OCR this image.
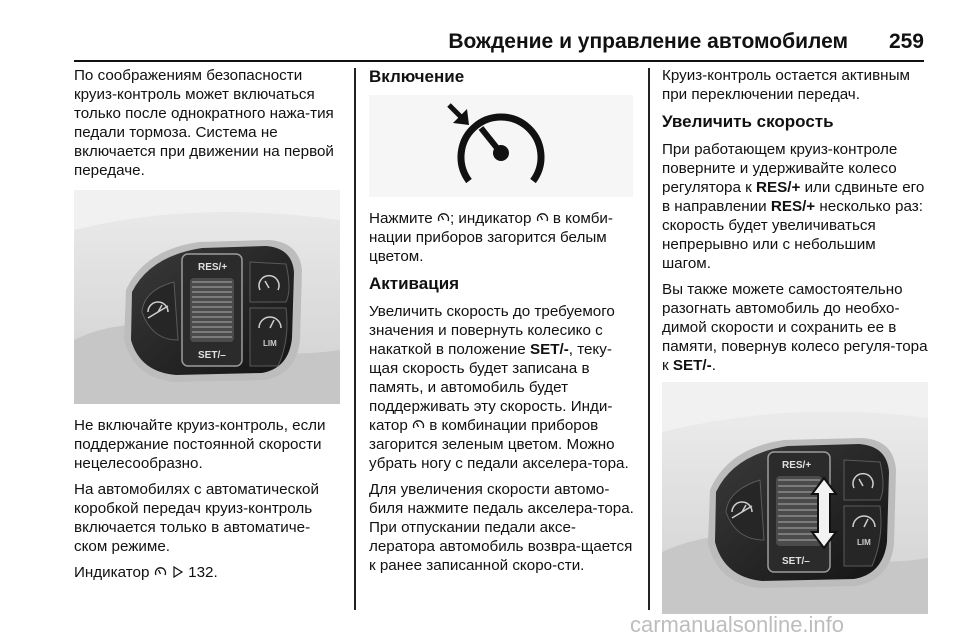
Вождение и управление автомобилем 259

По соображениям безопасности круиз-контроль может включаться только после однократного нажа-тия педали тормоза. Система не включается при движении на первой передаче.

RES/+
SET/–
LIM

Не включайте круиз-контроль, если поддержание постоянной скорости нецелесообразно.

На автомобилях с автоматической коробкой передач круиз-контроль включается только в автоматиче-ском режиме.

Индикатор	132.

Включение

Нажмите ; индикатор в комби-нации приборов загорится белым цветом.

Активация

Увеличить скорость до требуемого значения и повернуть колесико с накаткой в положение SET/-, теку-щая скорость будет записана в память, и автомобиль будет поддерживать эту скорость. Инди-катор в комбинации приборов загорится зеленым цветом. Можно убрать ногу с педали акселера-тора.

Для увеличения скорости автомо-биля нажмите педаль акселера-тора. При отпускании педали аксе-лератора автомобиль возвра-щается к ранее записанной скоро-сти.

Круиз-контроль остается активным при переключении передач.

Увеличить скорость

При работающем круиз-контроле поверните и удерживайте колесо регулятора к RES/+ или сдвиньте его в направлении RES/+ несколько раз: скорость будет увеличиваться непрерывно или с небольшим шагом.

Вы также можете самостоятельно разогнать автомобиль до необхо-димой скорости и сохранить ее в памяти, повернув колесо регуля-тора к SET/-.

RES/+
SET/–
LIM
carmanualsonline.info
